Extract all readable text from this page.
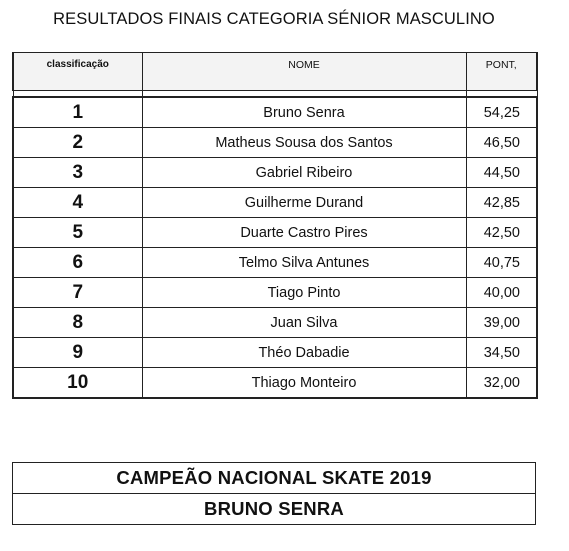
RESULTADOS FINAIS CATEGORIA SÉNIOR MASCULINO
classificação	NOME	PONT,

1	Bruno Senra	54,25
2	Matheus Sousa dos Santos	46,50
3	Gabriel Ribeiro	44,50
4	Guilherme Durand	42,85
5	Duarte Castro Pires	42,50
6	Telmo Silva Antunes	40,75
7	Tiago Pinto	40,00
8	Juan Silva	39,00
9	Théo Dabadie	34,50
10	Thiago Monteiro	32,00
CAMPEÃO NACIONAL SKATE 2019
BRUNO SENRA
